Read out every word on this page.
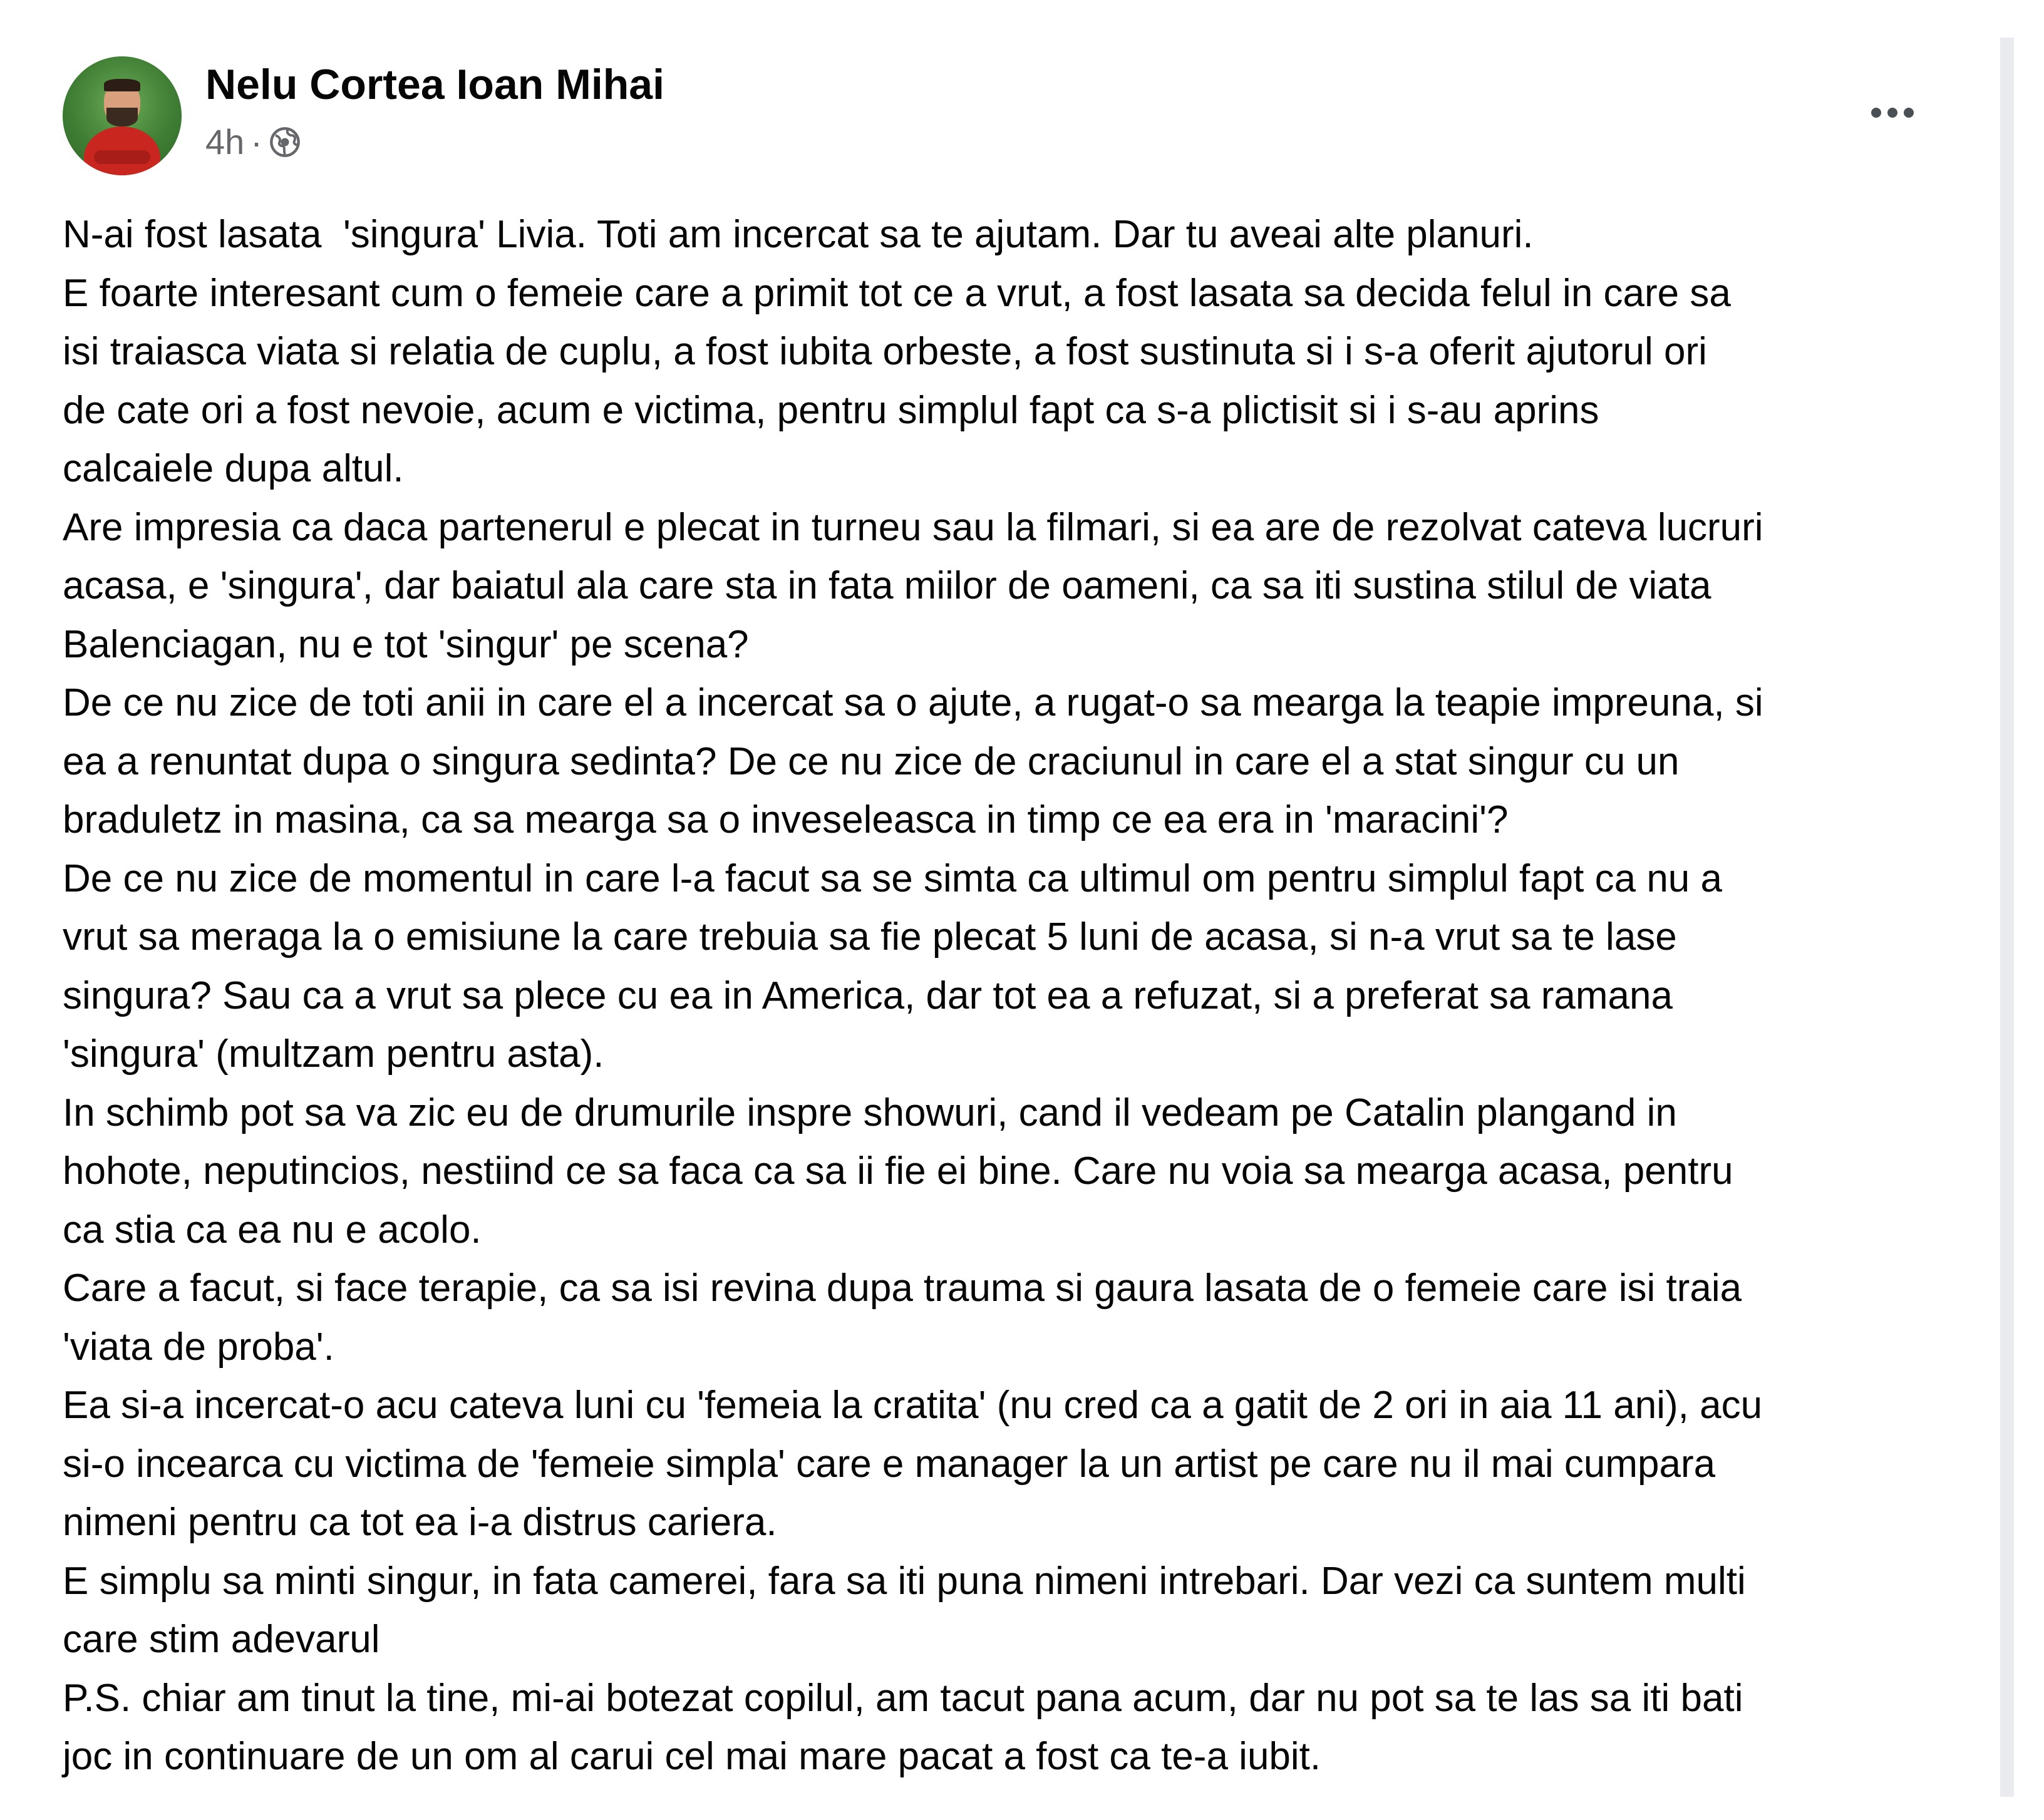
Nelu Cortea Ioan Mihai
4h ·

N-ai fost lasata  'singura' Livia. Toti am incercat sa te ajutam. Dar tu aveai alte planuri.
E foarte interesant cum o femeie care a primit tot ce a vrut, a fost lasata sa decida felul in care sa
isi traiasca viata si relatia de cuplu, a fost iubita orbeste, a fost sustinuta si i s-a oferit ajutorul ori
de cate ori a fost nevoie, acum e victima, pentru simplul fapt ca s-a plictisit si i s-au aprins
calcaiele dupa altul.
Are impresia ca daca partenerul e plecat in turneu sau la filmari, si ea are de rezolvat cateva lucruri
acasa, e 'singura', dar baiatul ala care sta in fata miilor de oameni, ca sa iti sustina stilul de viata
Balenciagan, nu e tot 'singur' pe scena?
De ce nu zice de toti anii in care el a incercat sa o ajute, a rugat-o sa mearga la teapie impreuna, si
ea a renuntat dupa o singura sedinta? De ce nu zice de craciunul in care el a stat singur cu un
braduletz in masina, ca sa mearga sa o inveseleasca in timp ce ea era in 'maracini'?
De ce nu zice de momentul in care l-a facut sa se simta ca ultimul om pentru simplul fapt ca nu a
vrut sa meraga la o emisiune la care trebuia sa fie plecat 5 luni de acasa, si n-a vrut sa te lase
singura? Sau ca a vrut sa plece cu ea in America, dar tot ea a refuzat, si a preferat sa ramana
'singura' (multzam pentru asta).
In schimb pot sa va zic eu de drumurile inspre showuri, cand il vedeam pe Catalin plangand in
hohote, neputincios, nestiind ce sa faca ca sa ii fie ei bine. Care nu voia sa mearga acasa, pentru
ca stia ca ea nu e acolo.
Care a facut, si face terapie, ca sa isi revina dupa trauma si gaura lasata de o femeie care isi traia
'viata de proba'.
Ea si-a incercat-o acu cateva luni cu 'femeia la cratita' (nu cred ca a gatit de 2 ori in aia 11 ani), acu
si-o incearca cu victima de 'femeie simpla' care e manager la un artist pe care nu il mai cumpara
nimeni pentru ca tot ea i-a distrus cariera.
E simplu sa minti singur, in fata camerei, fara sa iti puna nimeni intrebari. Dar vezi ca suntem multi
care stim adevarul
P.S. chiar am tinut la tine, mi-ai botezat copilul, am tacut pana acum, dar nu pot sa te las sa iti bati
joc in continuare de un om al carui cel mai mare pacat a fost ca te-a iubit.
